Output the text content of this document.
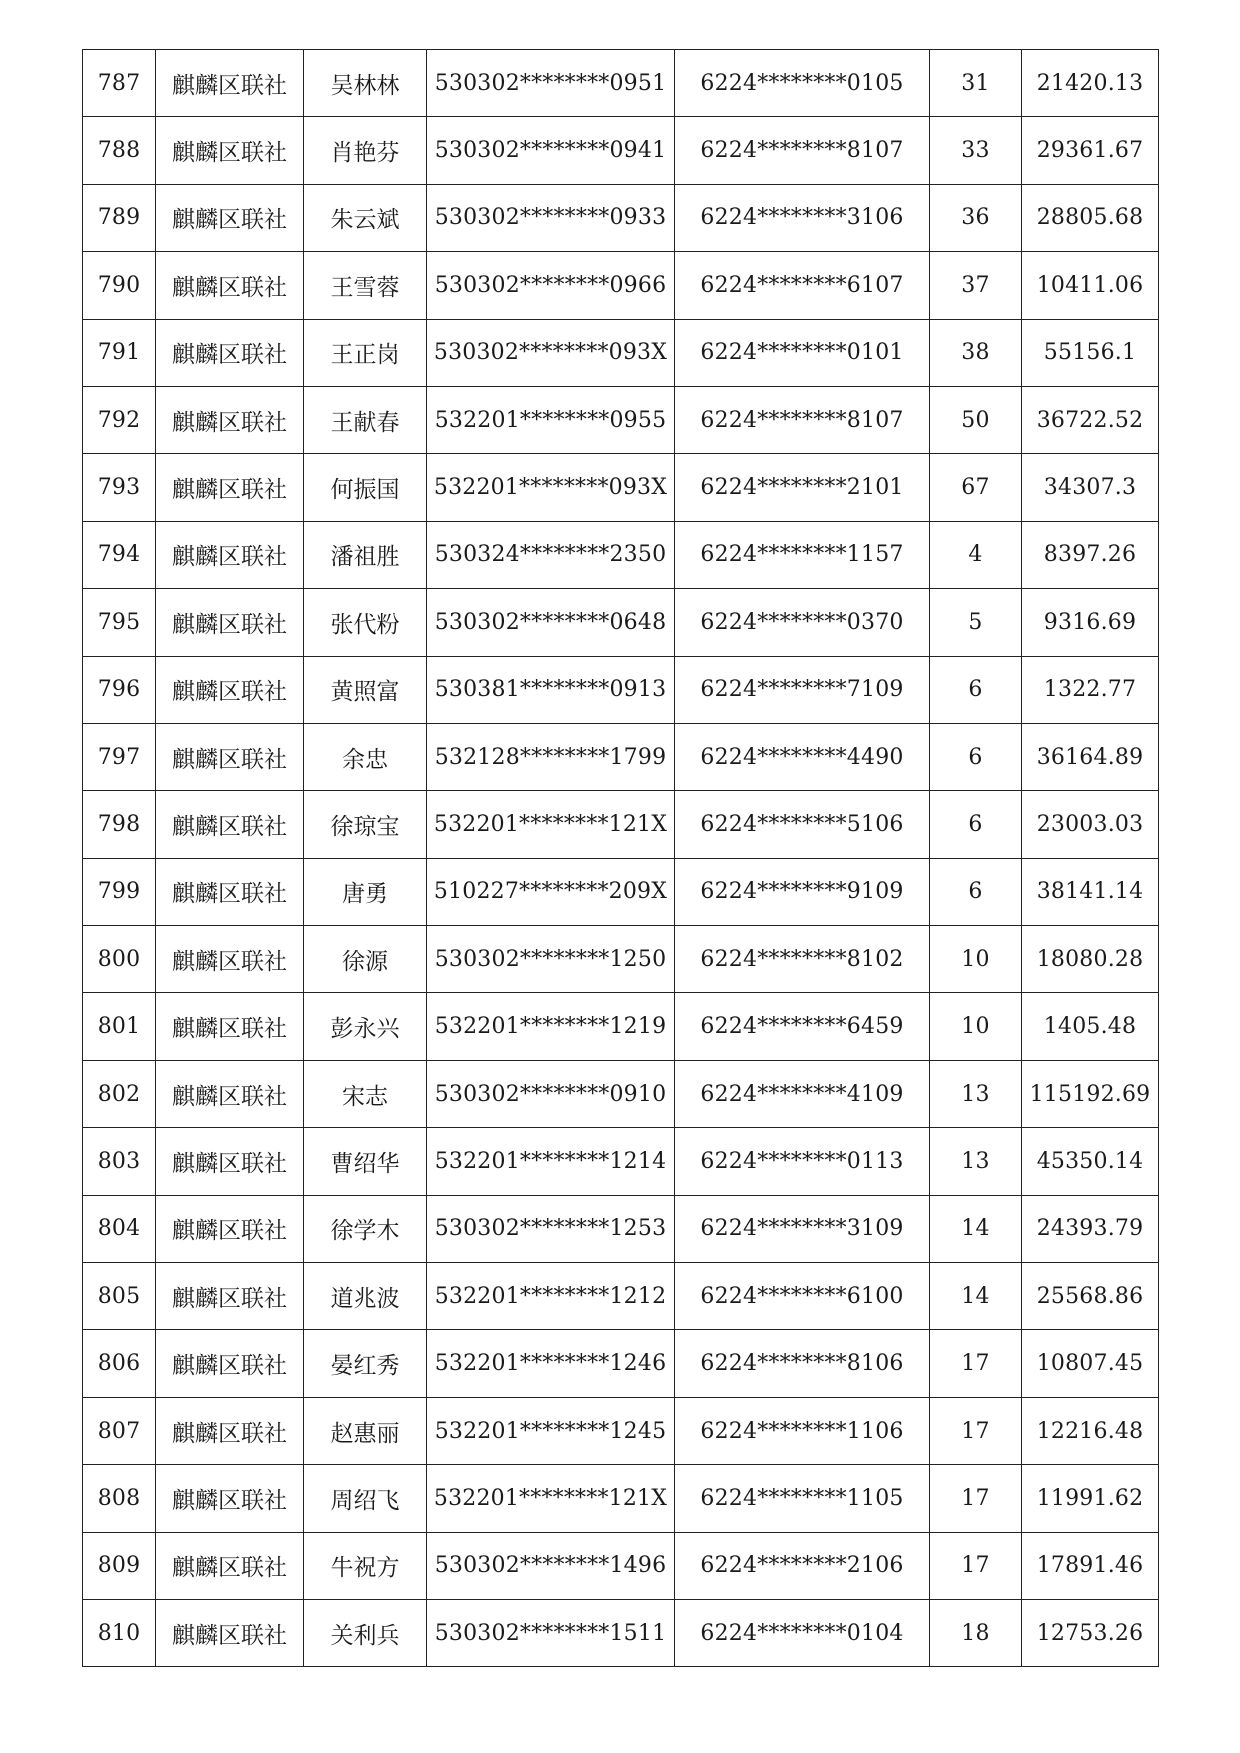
787	麒麟区联社	吴林林	530302********0951	6224********0105	31	21420.13
788	麒麟区联社	肖艳芬	530302********0941	6224********8107	33	29361.67
789	麒麟区联社	朱云斌	530302********0933	6224********3106	36	28805.68
790	麒麟区联社	王雪蓉	530302********0966	6224********6107	37	10411.06
791	麒麟区联社	王正岗	530302********093X	6224********0101	38	55156.1
792	麒麟区联社	王献春	532201********0955	6224********8107	50	36722.52
793	麒麟区联社	何振国	532201********093X	6224********2101	67	34307.3
794	麒麟区联社	潘祖胜	530324********2350	6224********1157	4	8397.26
795	麒麟区联社	张代粉	530302********0648	6224********0370	5	9316.69
796	麒麟区联社	黄照富	530381********0913	6224********7109	6	1322.77
797	麒麟区联社	余忠	532128********1799	6224********4490	6	36164.89
798	麒麟区联社	徐琼宝	532201********121X	6224********5106	6	23003.03
799	麒麟区联社	唐勇	510227********209X	6224********9109	6	38141.14
800	麒麟区联社	徐源	530302********1250	6224********8102	10	18080.28
801	麒麟区联社	彭永兴	532201********1219	6224********6459	10	1405.48
802	麒麟区联社	宋志	530302********0910	6224********4109	13	115192.69
803	麒麟区联社	曹绍华	532201********1214	6224********0113	13	45350.14
804	麒麟区联社	徐学木	530302********1253	6224********3109	14	24393.79
805	麒麟区联社	道兆波	532201********1212	6224********6100	14	25568.86
806	麒麟区联社	晏红秀	532201********1246	6224********8106	17	10807.45
807	麒麟区联社	赵惠丽	532201********1245	6224********1106	17	12216.48
808	麒麟区联社	周绍飞	532201********121X	6224********1105	17	11991.62
809	麒麟区联社	牛祝方	530302********1496	6224********2106	17	17891.46
810	麒麟区联社	关利兵	530302********1511	6224********0104	18	12753.26
